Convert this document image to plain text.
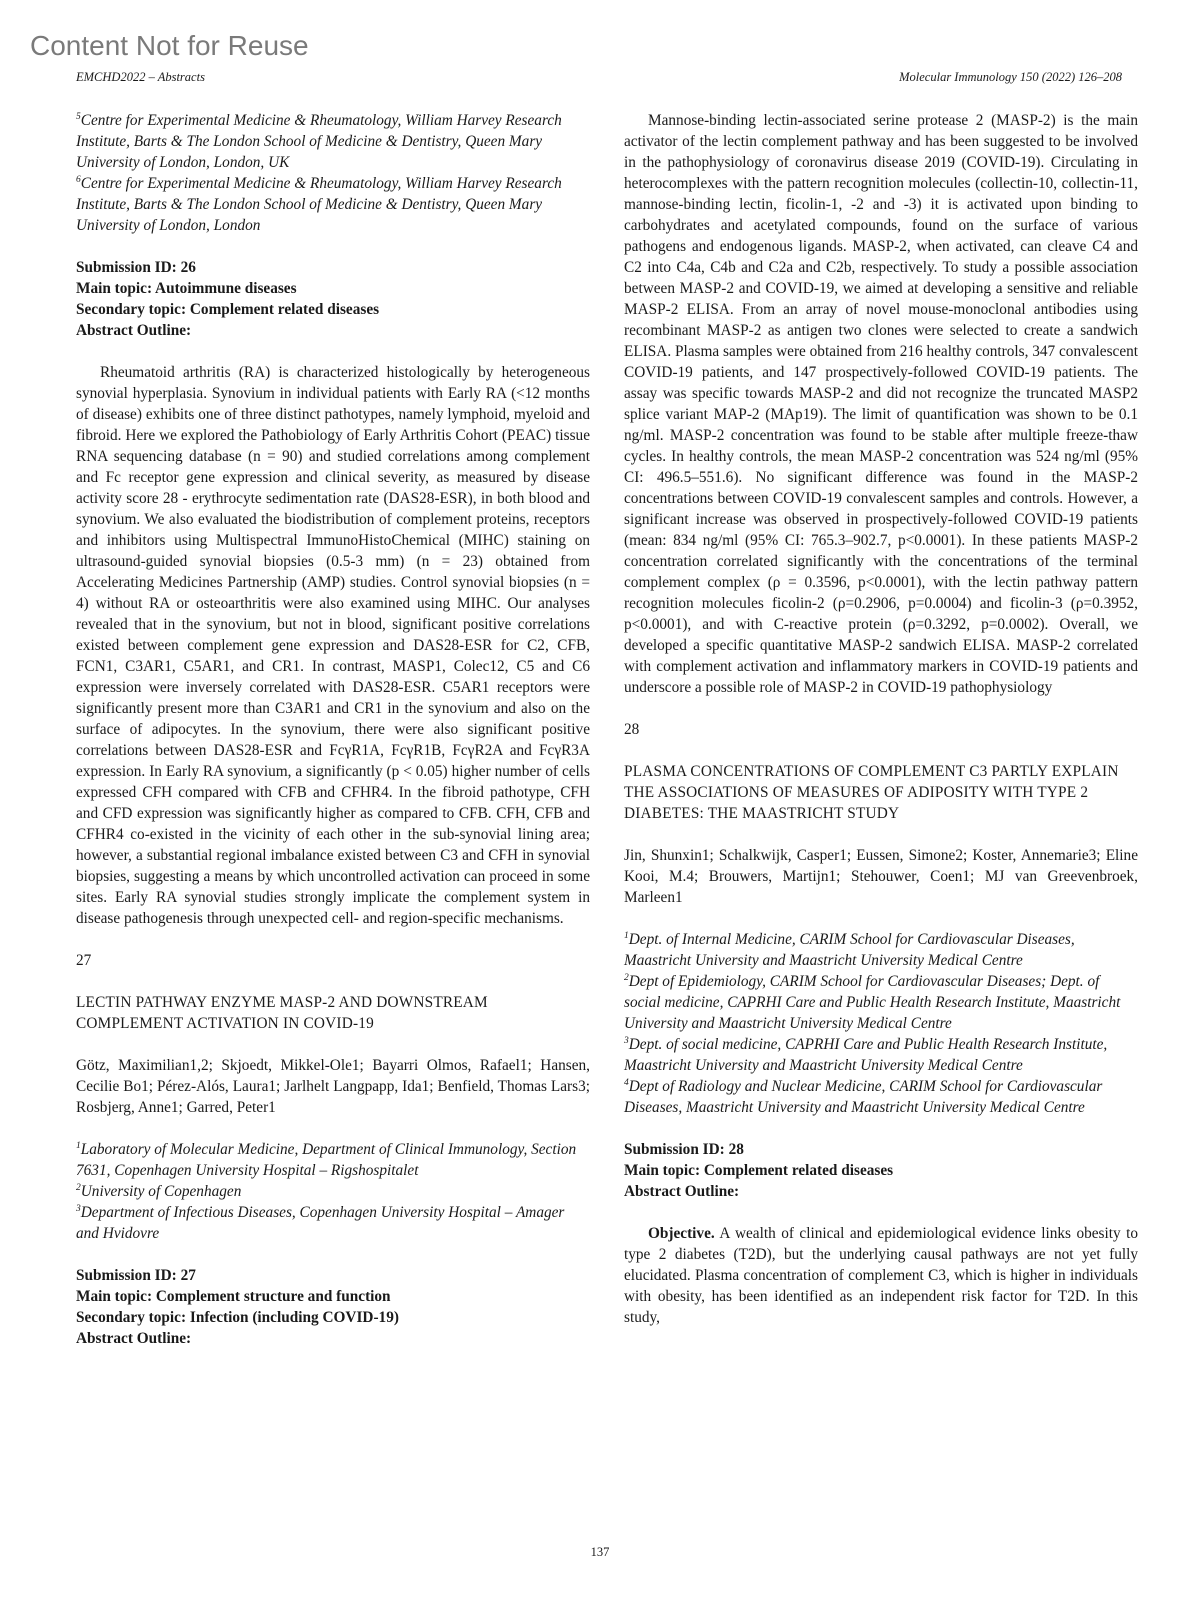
Content Not for Reuse
EMCHD2022 – Abstracts	Molecular Immunology 150 (2022) 126–208

$^5$Centre for Experimental Medicine & Rheumatology, William Harvey Research Institute, Barts & The London School of Medicine & Dentistry, Queen Mary University of London, London, UK

$^6$Centre for Experimental Medicine & Rheumatology, William Harvey Research Institute, Barts & The London School of Medicine & Dentistry, Queen Mary University of London, London

Submission ID: 26
Main topic: Autoimmune diseases
Secondary topic: Complement related diseases
Abstract Outline:

Rheumatoid arthritis (RA) is characterized histologically by heterogeneous synovial hyperplasia. Synovium in individual patients with Early RA (<12 months of disease) exhibits one of three distinct pathotypes, namely lymphoid, myeloid and fibroid. Here we explored the Pathobiology of Early Arthritis Cohort (PEAC) tissue RNA sequencing database (n = 90) and studied correlations among complement and Fc receptor gene expression and clinical severity, as measured by disease activity score 28 - erythrocyte sedimentation rate (DAS28-ESR), in both blood and synovium. We also evaluated the biodistribution of complement proteins, receptors and inhibitors using Multispectral ImmunoHistoChemical (MIHC) staining on ultrasound-guided synovial biopsies (0.5-3 mm) (n = 23) obtained from Accelerating Medicines Partnership (AMP) studies. Control synovial biopsies (n = 4) without RA or osteoarthritis were also examined using MIHC. Our analyses revealed that in the synovium, but not in blood, significant positive correlations existed between complement gene expression and DAS28-ESR for C2, CFB, FCN1, C3AR1, C5AR1, and CR1. In contrast, MASP1, Colec12, C5 and C6 expression were inversely correlated with DAS28-ESR. C5AR1 receptors were significantly present more than C3AR1 and CR1 in the synovium and also on the surface of adipocytes. In the synovium, there were also significant positive correlations between DAS28-ESR and FcγR1A, FcγR1B, FcγR2A and FcγR3A expression. In Early RA synovium, a significantly (p < 0.05) higher number of cells expressed CFH compared with CFB and CFHR4. In the fibroid pathotype, CFH and CFD expression was significantly higher as compared to CFB. CFH, CFB and CFHR4 co-existed in the vicinity of each other in the sub-synovial lining area; however, a substantial regional imbalance existed between C3 and CFH in synovial biopsies, suggesting a means by which uncontrolled activation can proceed in some sites. Early RA synovial studies strongly implicate the complement system in disease pathogenesis through unexpected cell- and region-specific mechanisms.

27
LECTIN PATHWAY ENZYME MASP-2 AND DOWNSTREAM COMPLEMENT ACTIVATION IN COVID-19

Götz, Maximilian1,2; Skjoedt, Mikkel-Ole1; Bayarri Olmos, Rafael1; Hansen, Cecilie Bo1; Pérez-Alós, Laura1; Jarlhelt Langpapp, Ida1; Benfield, Thomas Lars3; Rosbjerg, Anne1; Garred, Peter1

$^1$Laboratory of Molecular Medicine, Department of Clinical Immunology, Section 7631, Copenhagen University Hospital – Rigshospitalet

$^2$University of Copenhagen

$^3$Department of Infectious Diseases, Copenhagen University Hospital – Amager and Hvidovre

Submission ID: 27
Main topic: Complement structure and function
Secondary topic: Infection (including COVID-19)
Abstract Outline:

Mannose-binding lectin-associated serine protease 2 (MASP-2) is the main activator of the lectin complement pathway and has been suggested to be involved in the pathophysiology of coronavirus disease 2019 (COVID-19). Circulating in heterocomplexes with the pattern recognition molecules (collectin-10, collectin-11, mannose-binding lectin, ficolin-1, -2 and -3) it is activated upon binding to carbohydrates and acetylated compounds, found on the surface of various pathogens and endogenous ligands. MASP-2, when activated, can cleave C4 and C2 into C4a, C4b and C2a and C2b, respectively. To study a possible association between MASP-2 and COVID-19, we aimed at developing a sensitive and reliable MASP-2 ELISA. From an array of novel mouse-monoclonal antibodies using recombinant MASP-2 as antigen two clones were selected to create a sandwich ELISA. Plasma samples were obtained from 216 healthy controls, 347 convalescent COVID-19 patients, and 147 prospectively-followed COVID-19 patients. The assay was specific towards MASP-2 and did not recognize the truncated MASP2 splice variant MAP-2 (MAp19). The limit of quantification was shown to be 0.1 ng/ml. MASP-2 concentration was found to be stable after multiple freeze-thaw cycles. In healthy controls, the mean MASP-2 concentration was 524 ng/ml (95% CI: 496.5–551.6). No significant difference was found in the MASP-2 concentrations between COVID-19 convalescent samples and controls. However, a significant increase was observed in prospectively-followed COVID-19 patients (mean: 834 ng/ml (95% CI: 765.3–902.7, p<0.0001). In these patients MASP-2 concentration correlated significantly with the concentrations of the terminal complement complex (ρ = 0.3596, p<0.0001), with the lectin pathway pattern recognition molecules ficolin-2 (ρ=0.2906, p=0.0004) and ficolin-3 (ρ=0.3952, p<0.0001), and with C-reactive protein (ρ=0.3292, p=0.0002). Overall, we developed a specific quantitative MASP-2 sandwich ELISA. MASP-2 correlated with complement activation and inflammatory markers in COVID-19 patients and underscore a possible role of MASP-2 in COVID-19 pathophysiology

28
PLASMA CONCENTRATIONS OF COMPLEMENT C3 PARTLY EXPLAIN THE ASSOCIATIONS OF MEASURES OF ADIPOSITY WITH TYPE 2 DIABETES: THE MAASTRICHT STUDY

Jin, Shunxin1; Schalkwijk, Casper1; Eussen, Simone2; Koster, Annemarie3; Eline Kooi, M.4; Brouwers, Martijn1; Stehouwer, Coen1; MJ van Greevenbroek, Marleen1

$^1$Dept. of Internal Medicine, CARIM School for Cardiovascular Diseases, Maastricht University and Maastricht University Medical Centre

$^2$Dept of Epidemiology, CARIM School for Cardiovascular Diseases; Dept. of social medicine, CAPRHI Care and Public Health Research Institute, Maastricht University and Maastricht University Medical Centre

$^3$Dept. of social medicine, CAPRHI Care and Public Health Research Institute, Maastricht University and Maastricht University Medical Centre

$^4$Dept of Radiology and Nuclear Medicine, CARIM School for Cardiovascular Diseases, Maastricht University and Maastricht University Medical Centre

Submission ID: 28
Main topic: Complement related diseases
Abstract Outline:

Objective. A wealth of clinical and epidemiological evidence links obesity to type 2 diabetes (T2D), but the underlying causal pathways are not yet fully elucidated. Plasma concentration of complement C3, which is higher in individuals with obesity, has been identified as an independent risk factor for T2D. In this study,

137
